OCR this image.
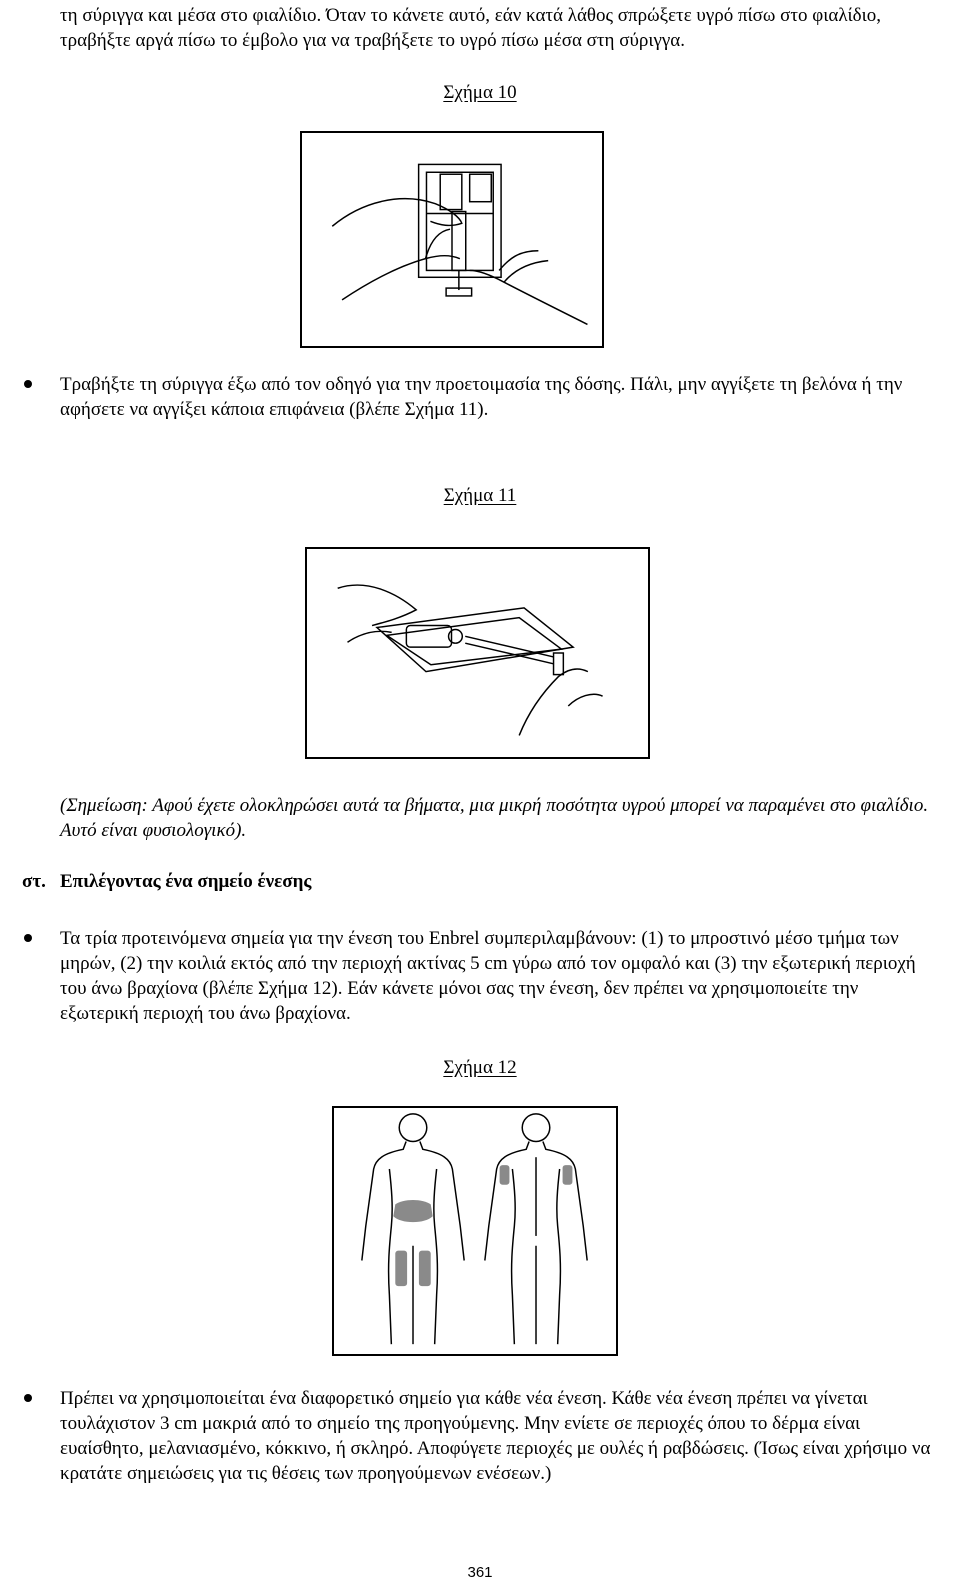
τη σύριγγα και μέσα στο φιαλίδιο. Όταν το κάνετε αυτό, εάν κατά λάθος σπρώξετε υγρό πίσω στο φιαλίδιο, τραβήξτε αργά πίσω το έμβολο για να τραβήξετε το υγρό πίσω μέσα στη σύριγγα.

Σχήμα 10

Τραβήξτε τη σύριγγα έξω από τον οδηγό για την προετοιμασία της δόσης. Πάλι, μην αγγίξετε τη βελόνα ή την αφήσετε να αγγίξει κάποια επιφάνεια (βλέπε Σχήμα 11).

Σχήμα 11

(Σημείωση: Αφού έχετε ολοκληρώσει αυτά τα βήματα, μια μικρή ποσότητα υγρού μπορεί να παραμένει στο φιαλίδιο. Αυτό είναι φυσιολογικό).

στ. Επιλέγοντας ένα σημείο ένεσης

Τα τρία προτεινόμενα σημεία για την ένεση του Enbrel συμπεριλαμβάνουν: (1) το μπροστινό μέσο τμήμα των μηρών, (2) την κοιλιά εκτός από την περιοχή ακτίνας 5 cm γύρω από τον ομφαλό και (3) την εξωτερική περιοχή του άνω βραχίονα (βλέπε Σχήμα 12). Εάν κάνετε μόνοι σας την ένεση, δεν πρέπει να χρησιμοποιείτε την εξωτερική περιοχή του άνω βραχίονα.

Σχήμα 12

Πρέπει να χρησιμοποιείται ένα διαφορετικό σημείο για κάθε νέα ένεση. Κάθε νέα ένεση πρέπει να γίνεται τουλάχιστον 3 cm μακριά από το σημείο της προηγούμενης. Μην ενίετε σε περιοχές όπου το δέρμα είναι ευαίσθητο, μελανιασμένο, κόκκινο, ή σκληρό. Αποφύγετε περιοχές με ουλές ή ραβδώσεις. (Ίσως είναι χρήσιμο να κρατάτε σημειώσεις για τις θέσεις των προηγούμενων ενέσεων.)

361
